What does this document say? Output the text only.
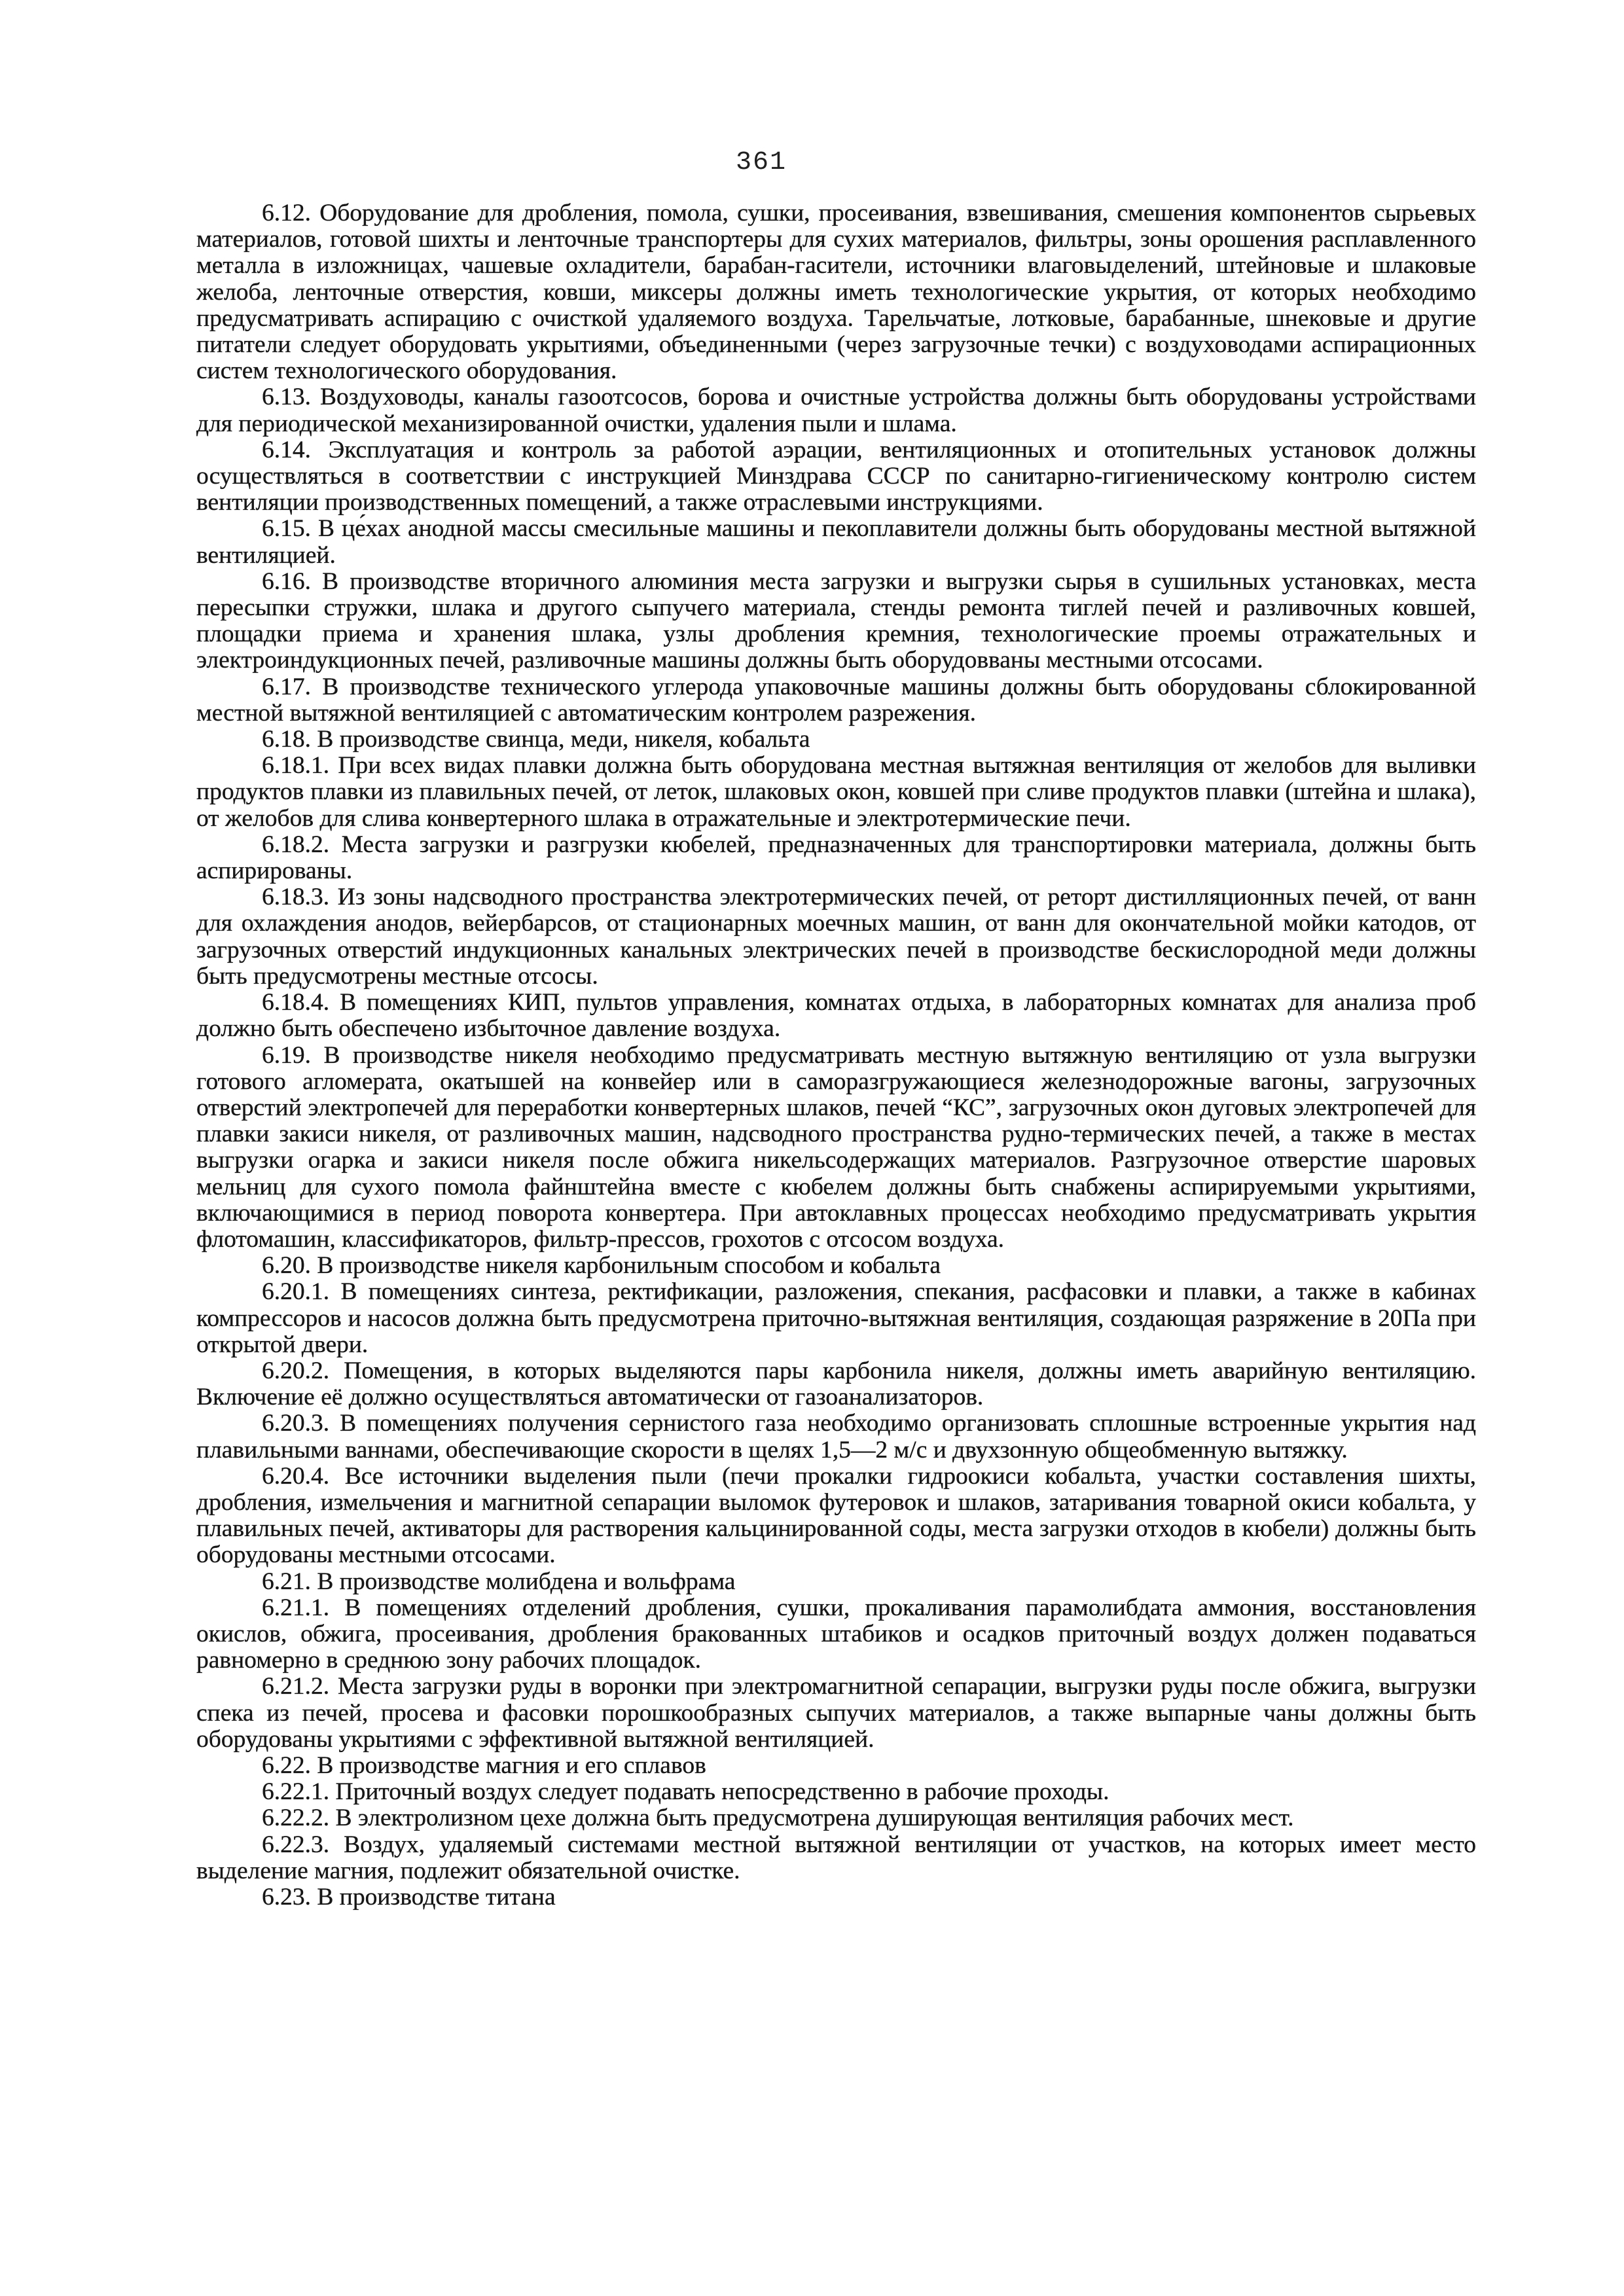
361

6.12. Оборудование для дробления, помола, сушки, просеивания, взвешивания, смешения компонентов сырьевых материалов, готовой шихты и ленточные транспортеры для сухих материалов, фильтры, зоны орошения расплавленного металла в изложницах, чашевые охладители, барабан-гасители, источники влаговыделений, штейновые и шлаковые желоба, ленточные отверстия, ковши, миксеры должны иметь технологические укрытия, от которых необходимо предусматривать аспирацию с очисткой удаляемого воздуха. Тарельчатые, лотковые, барабанные, шнековые и другие питатели следует оборудовать укрытиями, объединенными (через загрузочные течки) с воздуховодами аспирационных систем технологического оборудования.

6.13. Воздуховоды, каналы газоотсосов, борова и очистные устройства должны быть оборудованы устройствами для периодической механизированной очистки, удаления пыли и шлама.

6.14. Эксплуатация и контроль за работой аэрации, вентиляционных и отопительных установок должны осуществляться в соответствии с инструкцией Минздрава СССР по санитарно-гигиеническому контролю систем вентиляции производственных помещений, а также отраслевыми инструкциями.

6.15. В це́хах анодной массы смесильные машины и пекоплавители должны быть оборудованы местной вытяжной вентиляцией.

6.16. В производстве вторичного алюминия места загрузки и выгрузки сырья в сушильных установках, места пересыпки стружки, шлака и другого сыпучего материала, стенды ремонта тиглей печей и разливочных ковшей, площадки приема и хранения шлака, узлы дробления кремния, технологические проемы отражательных и электроиндукционных печей, разливочные машины должны быть оборудовваны местными отсосами.

6.17. В производстве технического углерода упаковочные машины должны быть оборудованы сблокированной местной вытяжной вентиляцией с автоматическим контролем разрежения.

6.18. В производстве свинца, меди, никеля, кобальта

6.18.1. При всех видах плавки должна быть оборудована местная вытяжная вентиляция от желобов для выливки продуктов плавки из плавильных печей, от леток, шлаковых окон, ковшей при сливе продуктов плавки (штейна и шлака), от желобов для слива конвертерного шлака в отражательные и электротермические печи.

6.18.2. Места загрузки и разгрузки кюбелей, предназначенных для транспортировки материала, должны быть аспирированы.

6.18.3. Из зоны надсводного пространства электротермических печей, от реторт дистилляционных печей, от ванн для охлаждения анодов, вейербарсов, от стационарных моечных машин, от ванн для окончательной мойки катодов, от загрузочных отверстий индукционных канальных электрических печей в производстве бескислородной меди должны быть предусмотрены местные отсосы.

6.18.4. В помещениях КИП, пультов управления, комнатах отдыха, в лабораторных комнатах для анализа проб должно быть обеспечено избыточное давление воздуха.

6.19. В производстве никеля необходимо предусматривать местную вытяжную вентиляцию от узла выгрузки готового агломерата, окатышей на конвейер или в саморазгружающиеся железнодорожные вагоны, загрузочных отверстий электропечей для переработки конвертерных шлаков, печей “КС”, загрузочных окон дуговых электропечей для плавки закиси никеля, от разливочных машин, надсводного пространства рудно-термических печей, а также в местах выгрузки огарка и закиси никеля после обжига никельсодержащих материалов. Разгрузочное отверстие шаровых мельниц для сухого помола файнштейна вместе с кюбелем должны быть снабжены аспирируемыми укрытиями, включающимися в период поворота конвертера. При автоклавных процессах необходимо предусматривать укрытия флотомашин, классификаторов, фильтр-прессов, грохотов с отсосом воздуха.

6.20. В производстве никеля карбонильным способом и кобальта

6.20.1. В помещениях синтеза, ректификации, разложения, спекания, расфасовки и плавки, а также в кабинах компрессоров и насосов должна быть предусмотрена приточно-вытяжная вентиляция, создающая разряжение в 20Па при открытой двери.

6.20.2. Помещения, в которых выделяются пары карбонила никеля, должны иметь аварийную вентиляцию. Включение её должно осуществляться автоматически от газоанализаторов.

6.20.3. В помещениях получения сернистого газа необходимо организовать сплошные встроенные укрытия над плавильными ваннами, обеспечивающие скорости в щелях 1,5—2 м/с и двухзонную общеобменную вытяжку.

6.20.4. Все источники выделения пыли (печи прокалки гидроокиси кобальта, участки составления шихты, дробления, измельчения и магнитной сепарации выломок футеровок и шлаков, затаривания товарной окиси кобальта, у плавильных печей, активаторы для растворения кальцинированной соды, места загрузки отходов в кюбели) должны быть оборудованы местными отсосами.

6.21. В производстве молибдена и вольфрама

6.21.1. В помещениях отделений дробления, сушки, прокаливания парамолибдата аммония, восстановления окислов, обжига, просеивания, дробления бракованных штабиков и осадков приточный воздух должен подаваться равномерно в среднюю зону рабочих площадок.

6.21.2. Места загрузки руды в воронки при электромагнитной сепарации, выгрузки руды после обжига, выгрузки спека из печей, просева и фасовки порошкообразных сыпучих материалов, а также выпарные чаны должны быть оборудованы укрытиями с эффективной вытяжной вентиляцией.

6.22. В производстве магния и его сплавов

6.22.1. Приточный воздух следует подавать непосредственно в рабочие проходы.

6.22.2. В электролизном цехе должна быть предусмотрена душирующая вентиляция рабочих мест.

6.22.3. Воздух, удаляемый системами местной вытяжной вентиляции от участков, на которых имеет место выделение магния, подлежит обязательной очистке.

6.23. В производстве титана
